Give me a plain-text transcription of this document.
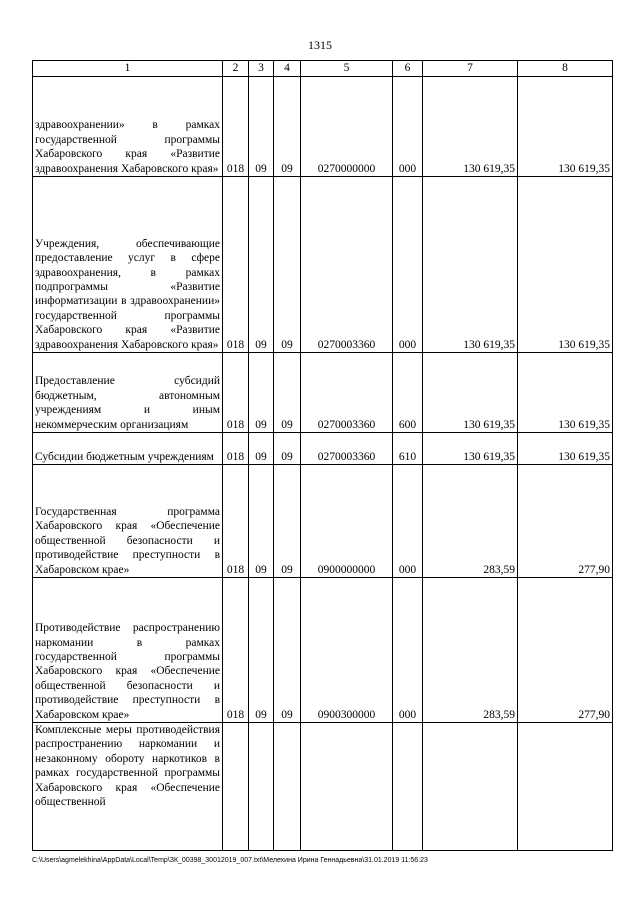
1315
1	2	3	4	5	6	7	8
здравоохранении» в рамках государственной программы Хабаровского края «Развитие здравоохранения Хабаровского края»	018	09	09	0270000000	000	130 619,35	130 619,35
Учреждения, обеспечивающие предоставление услуг в сфере здравоохранения, в рамках подпрограммы «Развитие информатизации в здравоохранении» государственной программы Хабаровского края «Развитие здравоохранения Хабаровского края»	018	09	09	0270003360	000	130 619,35	130 619,35
Предоставление субсидий бюджетным, автономным учреждениям и иным некоммерческим организациям	018	09	09	0270003360	600	130 619,35	130 619,35
Субсидии бюджетным учреждениям	018	09	09	0270003360	610	130 619,35	130 619,35
Государственная программа Хабаровского края «Обеспечение общественной безопасности и противодействие преступности в Хабаровском крае»	018	09	09	0900000000	000	283,59	277,90
Противодействие распространению наркомании в рамках государственной программы Хабаровского края «Обеспечение общественной безопасности и противодействие преступности в Хабаровском крае»	018	09	09	0900300000	000	283,59	277,90
Комплексные меры противодействия распространению наркомании и незаконному обороту наркотиков в рамках государственной программы Хабаровского края «Обеспечение общественной							
C:\Users\agmelekhina\AppData\Local\Temp\ЗК_00398_30012019_007.txt\Мелехина Ирина Геннадьевна\31.01.2019 11:56:23
